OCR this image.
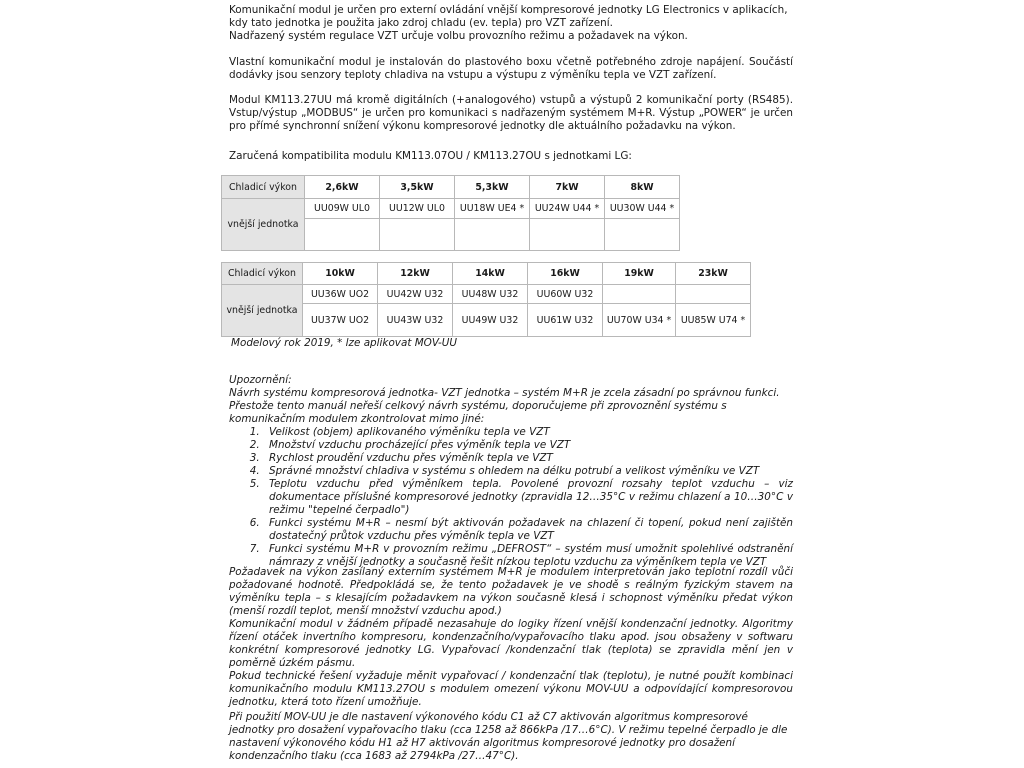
Komunikační modul je určen pro externí ovládání vnější kompresorové jednotky LG Electronics v aplikacích, kdy tato jednotka je použita jako zdroj chladu (ev. tepla) pro VZT zařízení.

Nadřazený systém regulace VZT určuje volbu provozního režimu a požadavek na výkon.

Vlastní komunikační modul je instalován do plastového boxu včetně potřebného zdroje napájení. Součástí dodávky jsou senzory teploty chladiva na vstupu a výstupu z výměníku tepla ve VZT zařízení.
Modul KM113.27UU má kromě digitálních (+analogového) vstupů a výstupů 2 komunikační porty (RS485). Vstup/výstup „MODBUS“ je určen pro komunikaci s nadřazeným systémem M+R. Výstup „POWER“ je určen pro přímé synchronní snížení výkonu kompresorové jednotky dle aktuálního požadavku na výkon.
Zaručená kompatibilita modulu KM113.07OU / KM113.27OU s jednotkami LG:
Chladicí výkon	2,6kW	3,5kW	5,3kW	7kW	8kW
vnější jednotka	UU09W UL0	UU12W UL0	UU18W UE4 *	UU24W U44 *	UU30W U44 *

Chladicí výkon	10kW	12kW	14kW	16kW	19kW	23kW
vnější jednotka	UU36W UO2	UU42W U32	UU48W U32	UU60W U32		
	UU37W UO2	UU43W U32	UU49W U32	UU61W U32	UU70W U34 *	UU85W U74 *
Modelový rok 2019, * lze aplikovat MOV-UU

Upozornění:

Návrh systému kompresorová jednotka- VZT jednotka – systém M+R je zcela zásadní po správnou funkci.

Přestože tento manuál neřeší celkový návrh systému, doporučujeme při zprovoznění systému s komunikačním modulem zkontrolovat mimo jiné:

1. Velikost (objem) aplikovaného výměníku tepla ve VZT
2. Množství vzduchu procházející přes výměník tepla ve VZT
3. Rychlost proudění vzduchu přes výměník tepla ve VZT
4. Správné množství chladiva v systému s ohledem na délku potrubí a velikost výměníku ve VZT
5. Teplotu vzduchu před výměníkem tepla. Povolené provozní rozsahy teplot vzduchu – viz dokumentace příslušné kompresorové jednotky (zpravidla 12…35°C v režimu chlazení a 10…30°C v režimu "tepelné čerpadlo")
6. Funkci systému M+R – nesmí být aktivován požadavek na chlazení či topení, pokud není zajištěn dostatečný průtok vzduchu přes výměník tepla ve VZT
7. Funkci systému M+R v provozním režimu „DEFROST“ – systém musí umožnit spolehlivé odstranění námrazy z vnější jednotky a současně řešit nízkou teplotu vzduchu za výměníkem tepla ve VZT

Požadavek na výkon zasílaný externím systémem M+R je modulem interpretován jako teplotní rozdíl vůči požadované hodnotě. Předpokládá se, že tento požadavek je ve shodě s reálným fyzickým stavem na výměníku tepla – s klesajícím požadavkem na výkon současně klesá i schopnost výměníku předat výkon (menší rozdíl teplot, menší množství vzduchu apod.)

Komunikační modul v žádném případě nezasahuje do logiky řízení vnější kondenzační jednotky. Algoritmy řízení otáček invertního kompresoru, kondenzačního/vypařovacího tlaku apod. jsou obsaženy v softwaru konkrétní kompresorové jednotky LG. Vypařovací /kondenzační tlak (teplota) se zpravidla mění jen v poměrně úzkém pásmu.

Pokud technické řešení vyžaduje měnit vypařovací / kondenzační tlak (teplotu), je nutné použít kombinaci komunikačního modulu KM113.27OU s modulem omezení výkonu MOV-UU a odpovídající kompresorovou jednotku, která toto řízení umožňuje.

Při použití MOV-UU je dle nastavení výkonového kódu C1 až C7 aktivován algoritmus kompresorové jednotky pro dosažení vypařovacího tlaku (cca 1258 až 866kPa /17…6°C). V režimu tepelné čerpadlo je dle nastavení výkonového kódu H1 až H7 aktivován algoritmus kompresorové jednotky pro dosažení kondenzačního tlaku (cca 1683 až 2794kPa /27…47°C).
